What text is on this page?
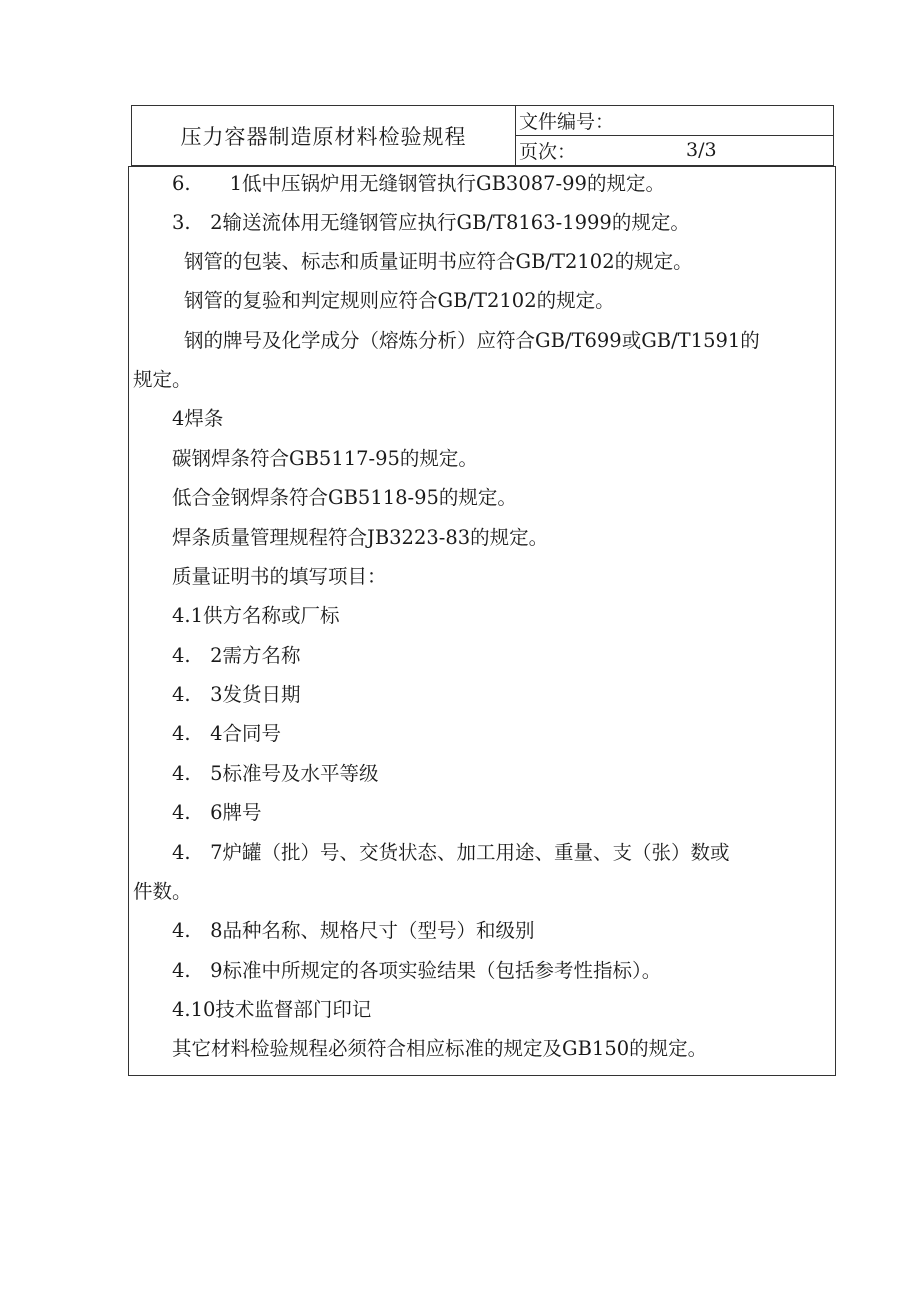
压力容器制造原材料检验规程
文件编号：
页次：	3/3
6.　　1低中压锅炉用无缝钢管执行GB3087-99的规定。
3.　2输送流体用无缝钢管应执行GB/T8163-1999的规定。
钢管的包装、标志和质量证明书应符合GB/T2102的规定。
钢管的复验和判定规则应符合GB/T2102的规定。
钢的牌号及化学成分（熔炼分析）应符合GB/T699或GB/T1591的
规定。
4焊条
碳钢焊条符合GB5117-95的规定。
低合金钢焊条符合GB5118-95的规定。
焊条质量管理规程符合JB3223-83的规定。
质量证明书的填写项目：
4.1供方名称或厂标
4.　2需方名称
4.　3发货日期
4.　4合同号
4.　5标准号及水平等级
4.　6牌号
4.　7炉罐（批）号、交货状态、加工用途、重量、支（张）数或
件数。
4.　8品种名称、规格尺寸（型号）和级别
4.　9标准中所规定的各项实验结果（包括参考性指标）。
4.10技术监督部门印记
其它材料检验规程必须符合相应标准的规定及GB150的规定。
